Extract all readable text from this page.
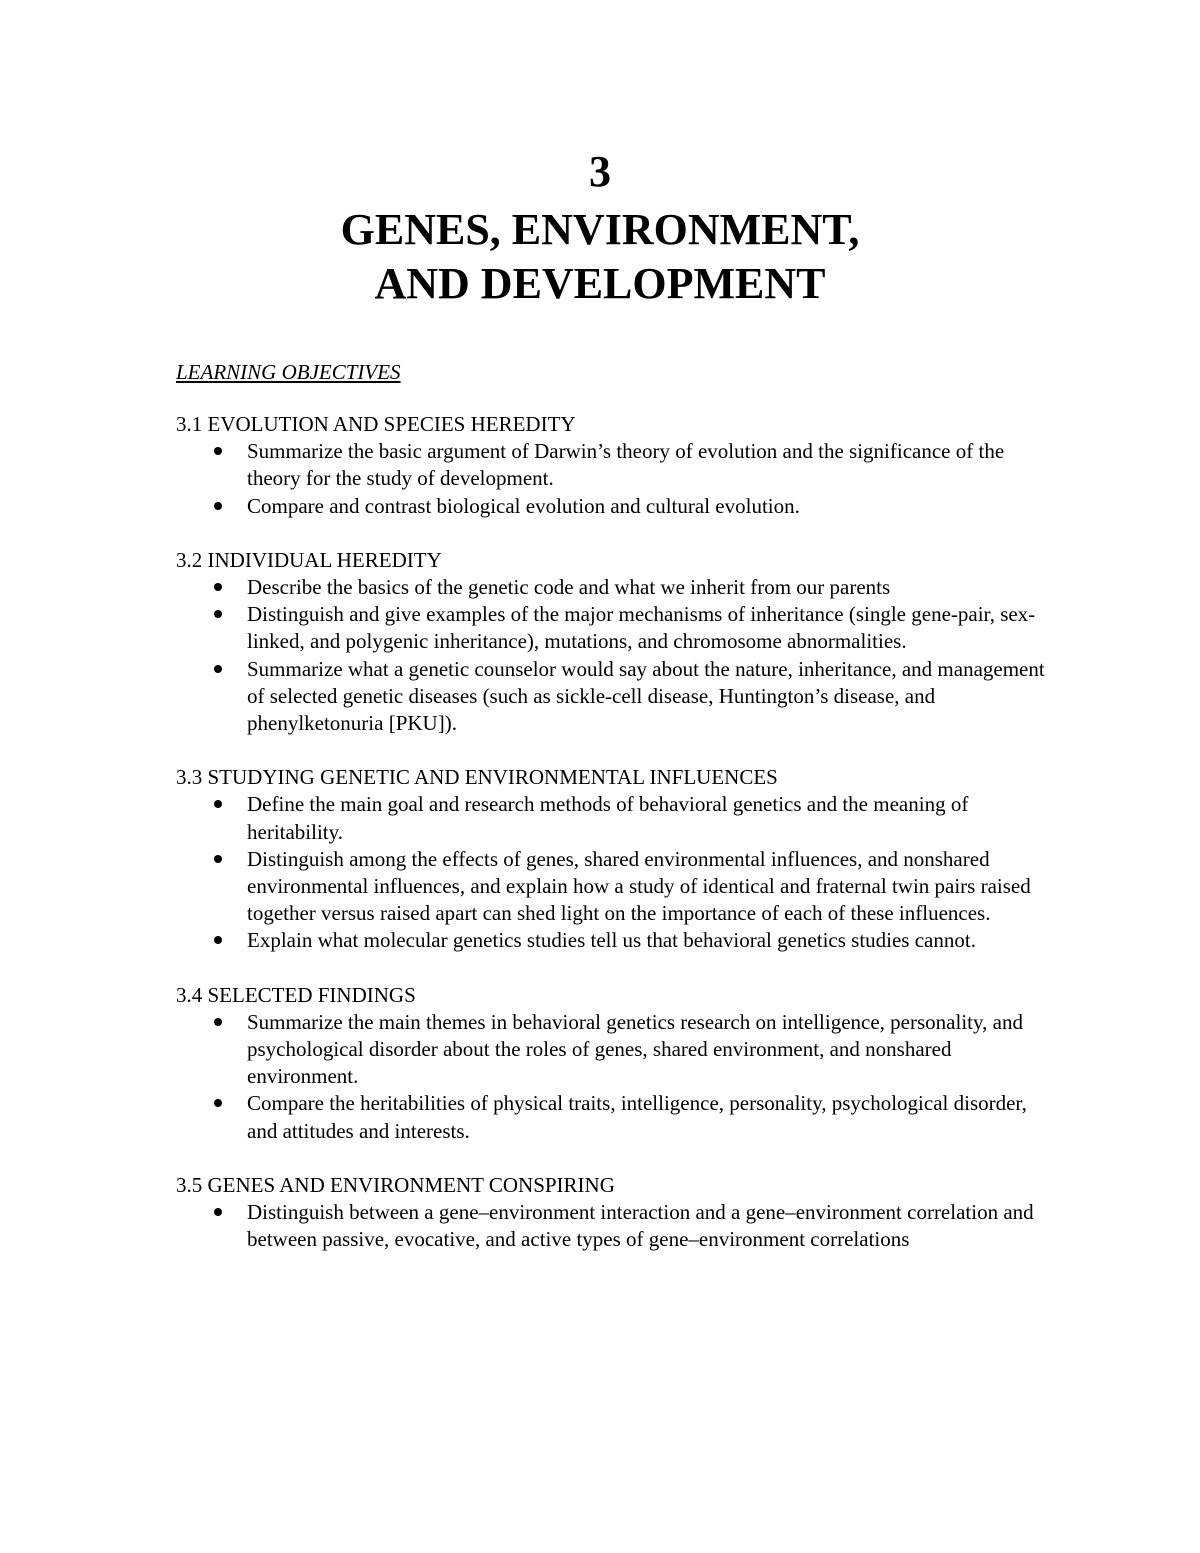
3
GENES, ENVIRONMENT,
AND DEVELOPMENT
LEARNING OBJECTIVES
3.1 EVOLUTION AND SPECIES HEREDITY
Summarize the basic argument of Darwin’s theory of evolution and the significance of the theory for the study of development.
Compare and contrast biological evolution and cultural evolution.
3.2 INDIVIDUAL HEREDITY
Describe the basics of the genetic code and what we inherit from our parents
Distinguish and give examples of the major mechanisms of inheritance (single gene-pair, sex-linked, and polygenic inheritance), mutations, and chromosome abnormalities.
Summarize what a genetic counselor would say about the nature, inheritance, and management of selected genetic diseases (such as sickle-cell disease, Huntington’s disease, and phenylketonuria [PKU]).
3.3 STUDYING GENETIC AND ENVIRONMENTAL INFLUENCES
Define the main goal and research methods of behavioral genetics and the meaning of heritability.
Distinguish among the effects of genes, shared environmental influences, and nonshared environmental influences, and explain how a study of identical and fraternal twin pairs raised together versus raised apart can shed light on the importance of each of these influences.
Explain what molecular genetics studies tell us that behavioral genetics studies cannot.
3.4 SELECTED FINDINGS
Summarize the main themes in behavioral genetics research on intelligence, personality, and psychological disorder about the roles of genes, shared environment, and nonshared environment.
Compare the heritabilities of physical traits, intelligence, personality, psychological disorder, and attitudes and interests.
3.5 GENES AND ENVIRONMENT CONSPIRING
Distinguish between a gene–environment interaction and a gene–environment correlation and between passive, evocative, and active types of gene–environment correlations
